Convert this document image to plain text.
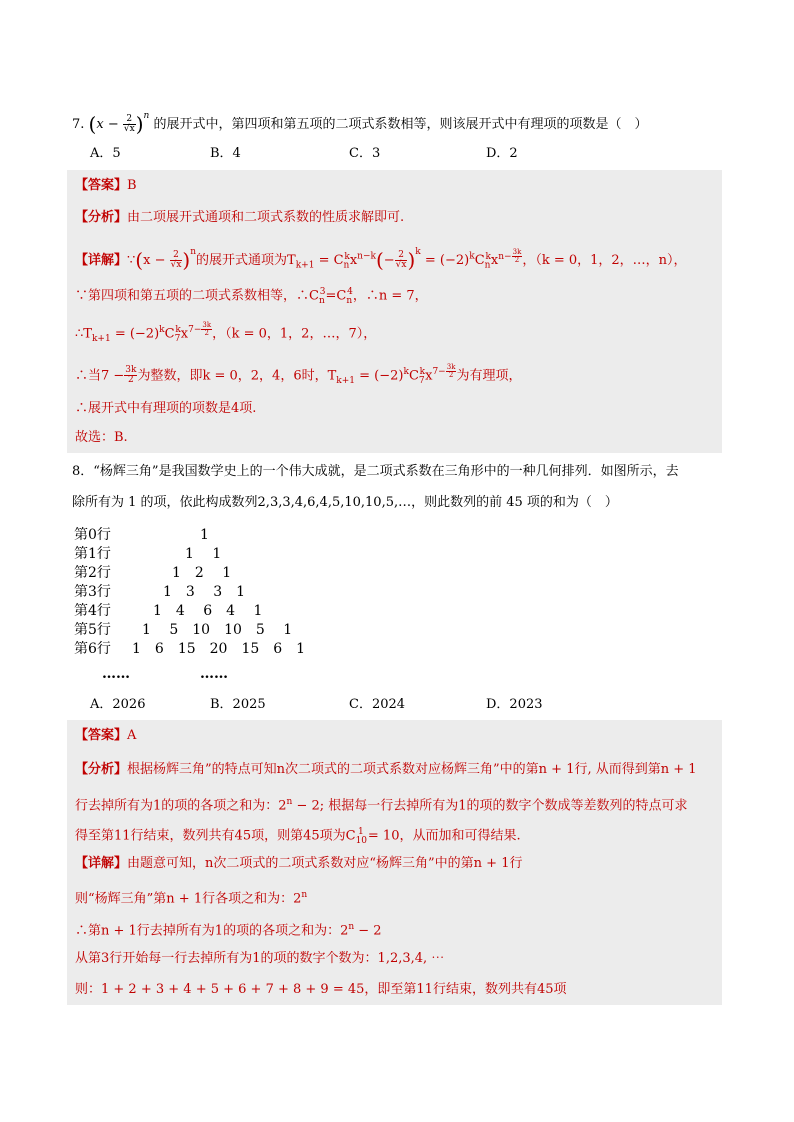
7. $(x - \frac{2}{√x} )^n$ 的展开式中，第四项和第五项的二项式系数相等，则该展开式中有理项的项数是（　）
A．5	B．4	C．3	D．2
【答案】B
【分析】由二项展开式通项和二项式系数的性质求解即可.
【详解】∵(x − $\frac{2}{√x} )^n$的展开式通项为$T_{k+1} = C_n^kx^{n-k}(- \frac{2}{√x} )^k = (-2)^kC_n^kx^{n- \frac{3k}{2}}$ ，（k = 0，1，2，…，n），
∵第四项和第五项的二项式系数相等，$\therefore C_n^3=C_n^4$，∴n = 7，
$\therefore T_{k+1} = (-2)^kC_7^kx^{7- \frac{3k}{2}}$ ，（k = 0，1，2，…，7），
∴当$7 - \frac{3k}{2}$ 为整数，即k = 0，2，4，6时，$T_{k+1} = (-2)^kC_7^kx^{7- \frac{3k}{2}}$ 为有理项，
∴展开式中有理项的项数是4项.
故选：B.
8．“杨辉三角”是我国数学史上的一个伟大成就，是二项式系数在三角形中的一种几何排列．如图所示，去
除所有为 1 的项，依此构成数列2,3,3,4,6,4,5,10,10,5,…，则此数列的前 45 项的和为（　）
第0行	1
第1行	1　 1
第2行	1　2　 1
第3行	1　3　 3　1
第4行	1　4　 6　4　 1
第5行 1　 5　10　10　5　 1
第6行 1　6　15　20　15　6　1
……	……
A．2026	B．2025	C．2024	D．2023
【答案】A
【分析】根据杨辉三角”的特点可知n次二项式的二项式系数对应杨辉三角”中的第n + 1行, 从而得到第n + 1
行去掉所有为1的项的各项之和为：$2^n - 2$; 根据每一行去掉所有为1的项的数字个数成等差数列的特点可求
得至第11行结束，数列共有45项，则第45项为$C_{10}^1 = 10$，从而加和可得结果.
【详解】由题意可知，n次二项式的二项式系数对应“杨辉三角”中的第n + 1行
则“杨辉三角”第n + 1行各项之和为：2$^n$
∴第n + 1行去掉所有为1的项的各项之和为：$2^n - 2$
从第3行开始每一行去掉所有为1的项的数字个数为：1,2,3,4, ⋯
则：1 + 2 + 3 + 4 + 5 + 6 + 7 + 8 + 9 = 45，即至第11行结束，数列共有45项
